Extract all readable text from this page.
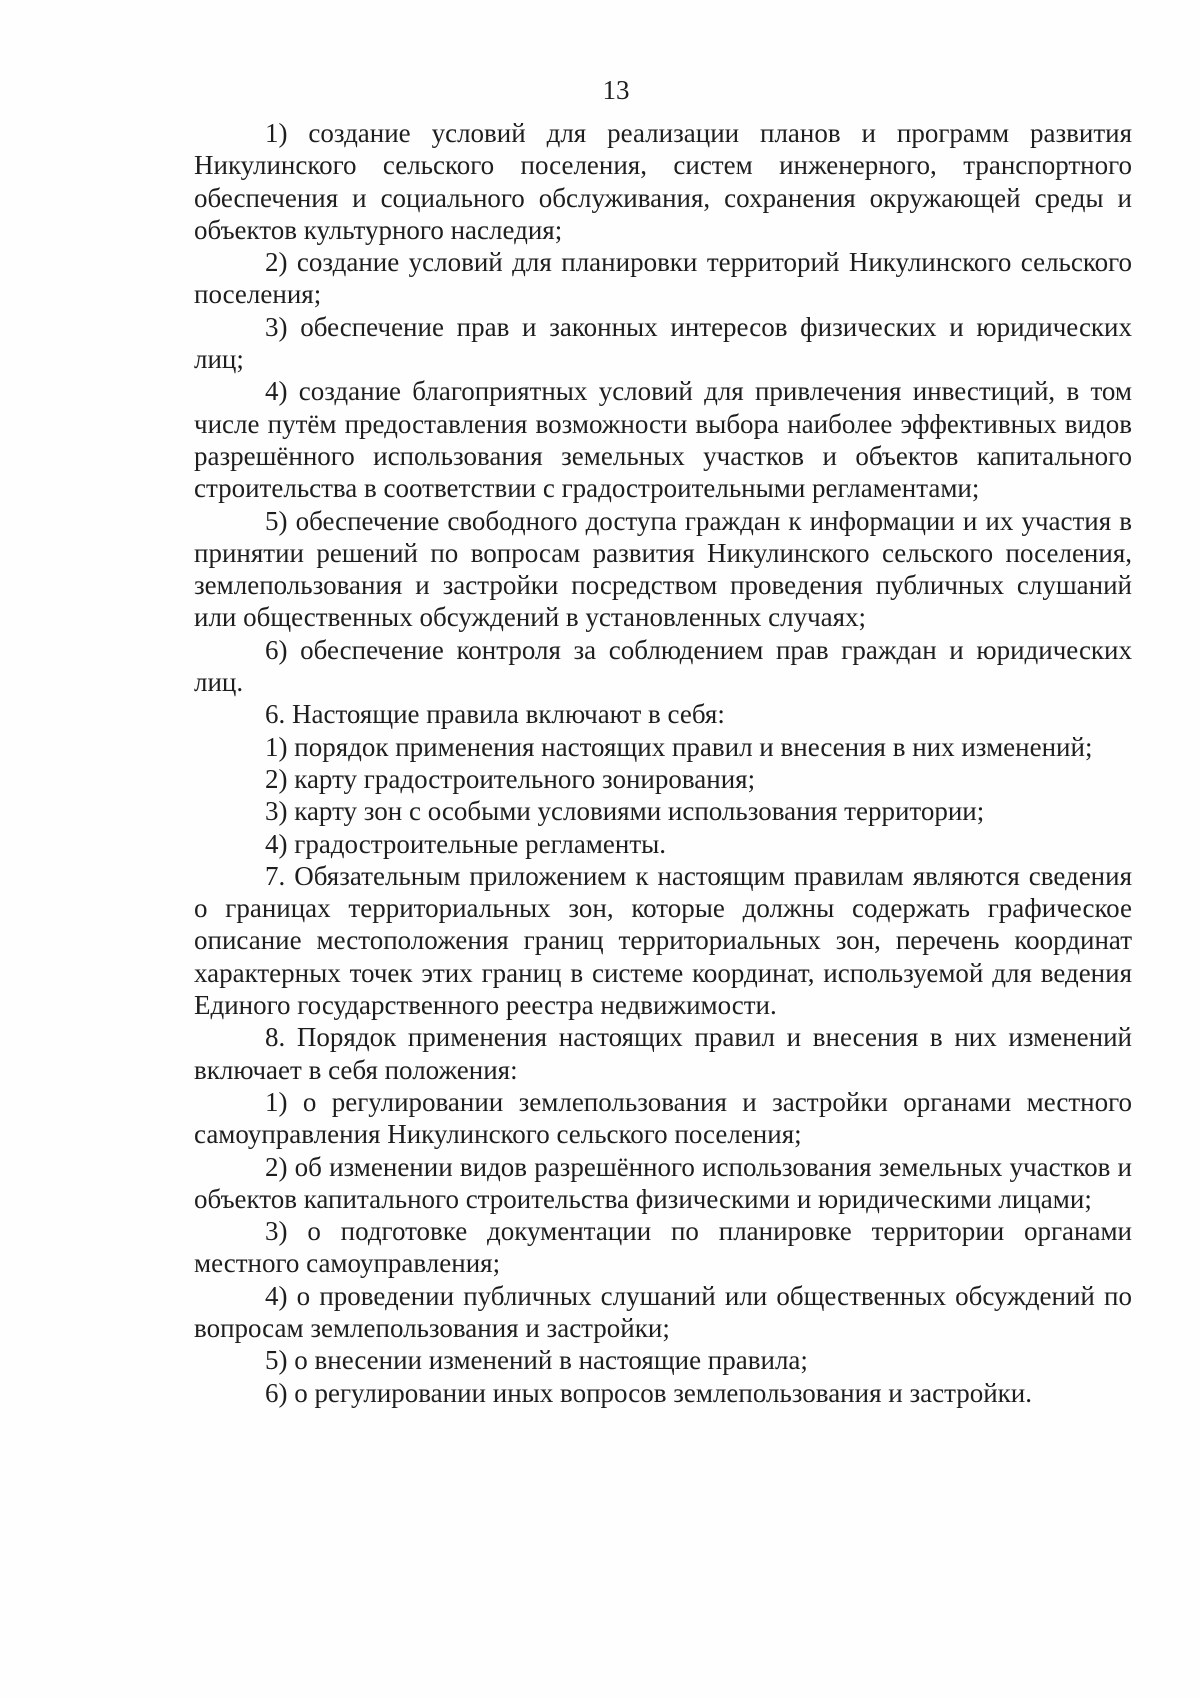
13

1) создание условий для реализации планов и программ развития Никулинского сельского поселения, систем инженерного, транспортного обеспечения и социального обслуживания, сохранения окружающей среды и объектов культурного наследия;

2) создание условий для планировки территорий Никулинского сельского поселения;

3) обеспечение прав и законных интересов физических и юридических лиц;

4) создание благоприятных условий для привлечения инвестиций, в том числе путём предоставления возможности выбора наиболее эффективных видов разрешённого использования земельных участков и объектов капитального строительства в соответствии с градостроительными регламентами;

5) обеспечение свободного доступа граждан к информации и их участия в принятии решений по вопросам развития Никулинского сельского поселения, землепользования и застройки посредством проведения публичных слушаний или общественных обсуждений в установленных случаях;

6) обеспечение контроля за соблюдением прав граждан и юридических лиц.

6. Настоящие правила включают в себя:

1) порядок применения настоящих правил и внесения в них изменений;

2) карту градостроительного зонирования;

3) карту зон с особыми условиями использования территории;

4) градостроительные регламенты.

7. Обязательным приложением к настоящим правилам являются сведения о границах территориальных зон, которые должны содержать графическое описание местоположения границ территориальных зон, перечень координат характерных точек этих границ в системе координат, используемой для ведения Единого государственного реестра недвижимости.

8. Порядок применения настоящих правил и внесения в них изменений включает в себя положения:

1) о регулировании землепользования и застройки органами местного самоуправления Никулинского сельского поселения;

2) об изменении видов разрешённого использования земельных участков и объектов капитального строительства физическими и юридическими лицами;

3) о подготовке документации по планировке территории органами местного самоуправления;

4) о проведении публичных слушаний или общественных обсуждений по вопросам землепользования и застройки;

5) о внесении изменений в настоящие правила;

6) о регулировании иных вопросов землепользования и застройки.
